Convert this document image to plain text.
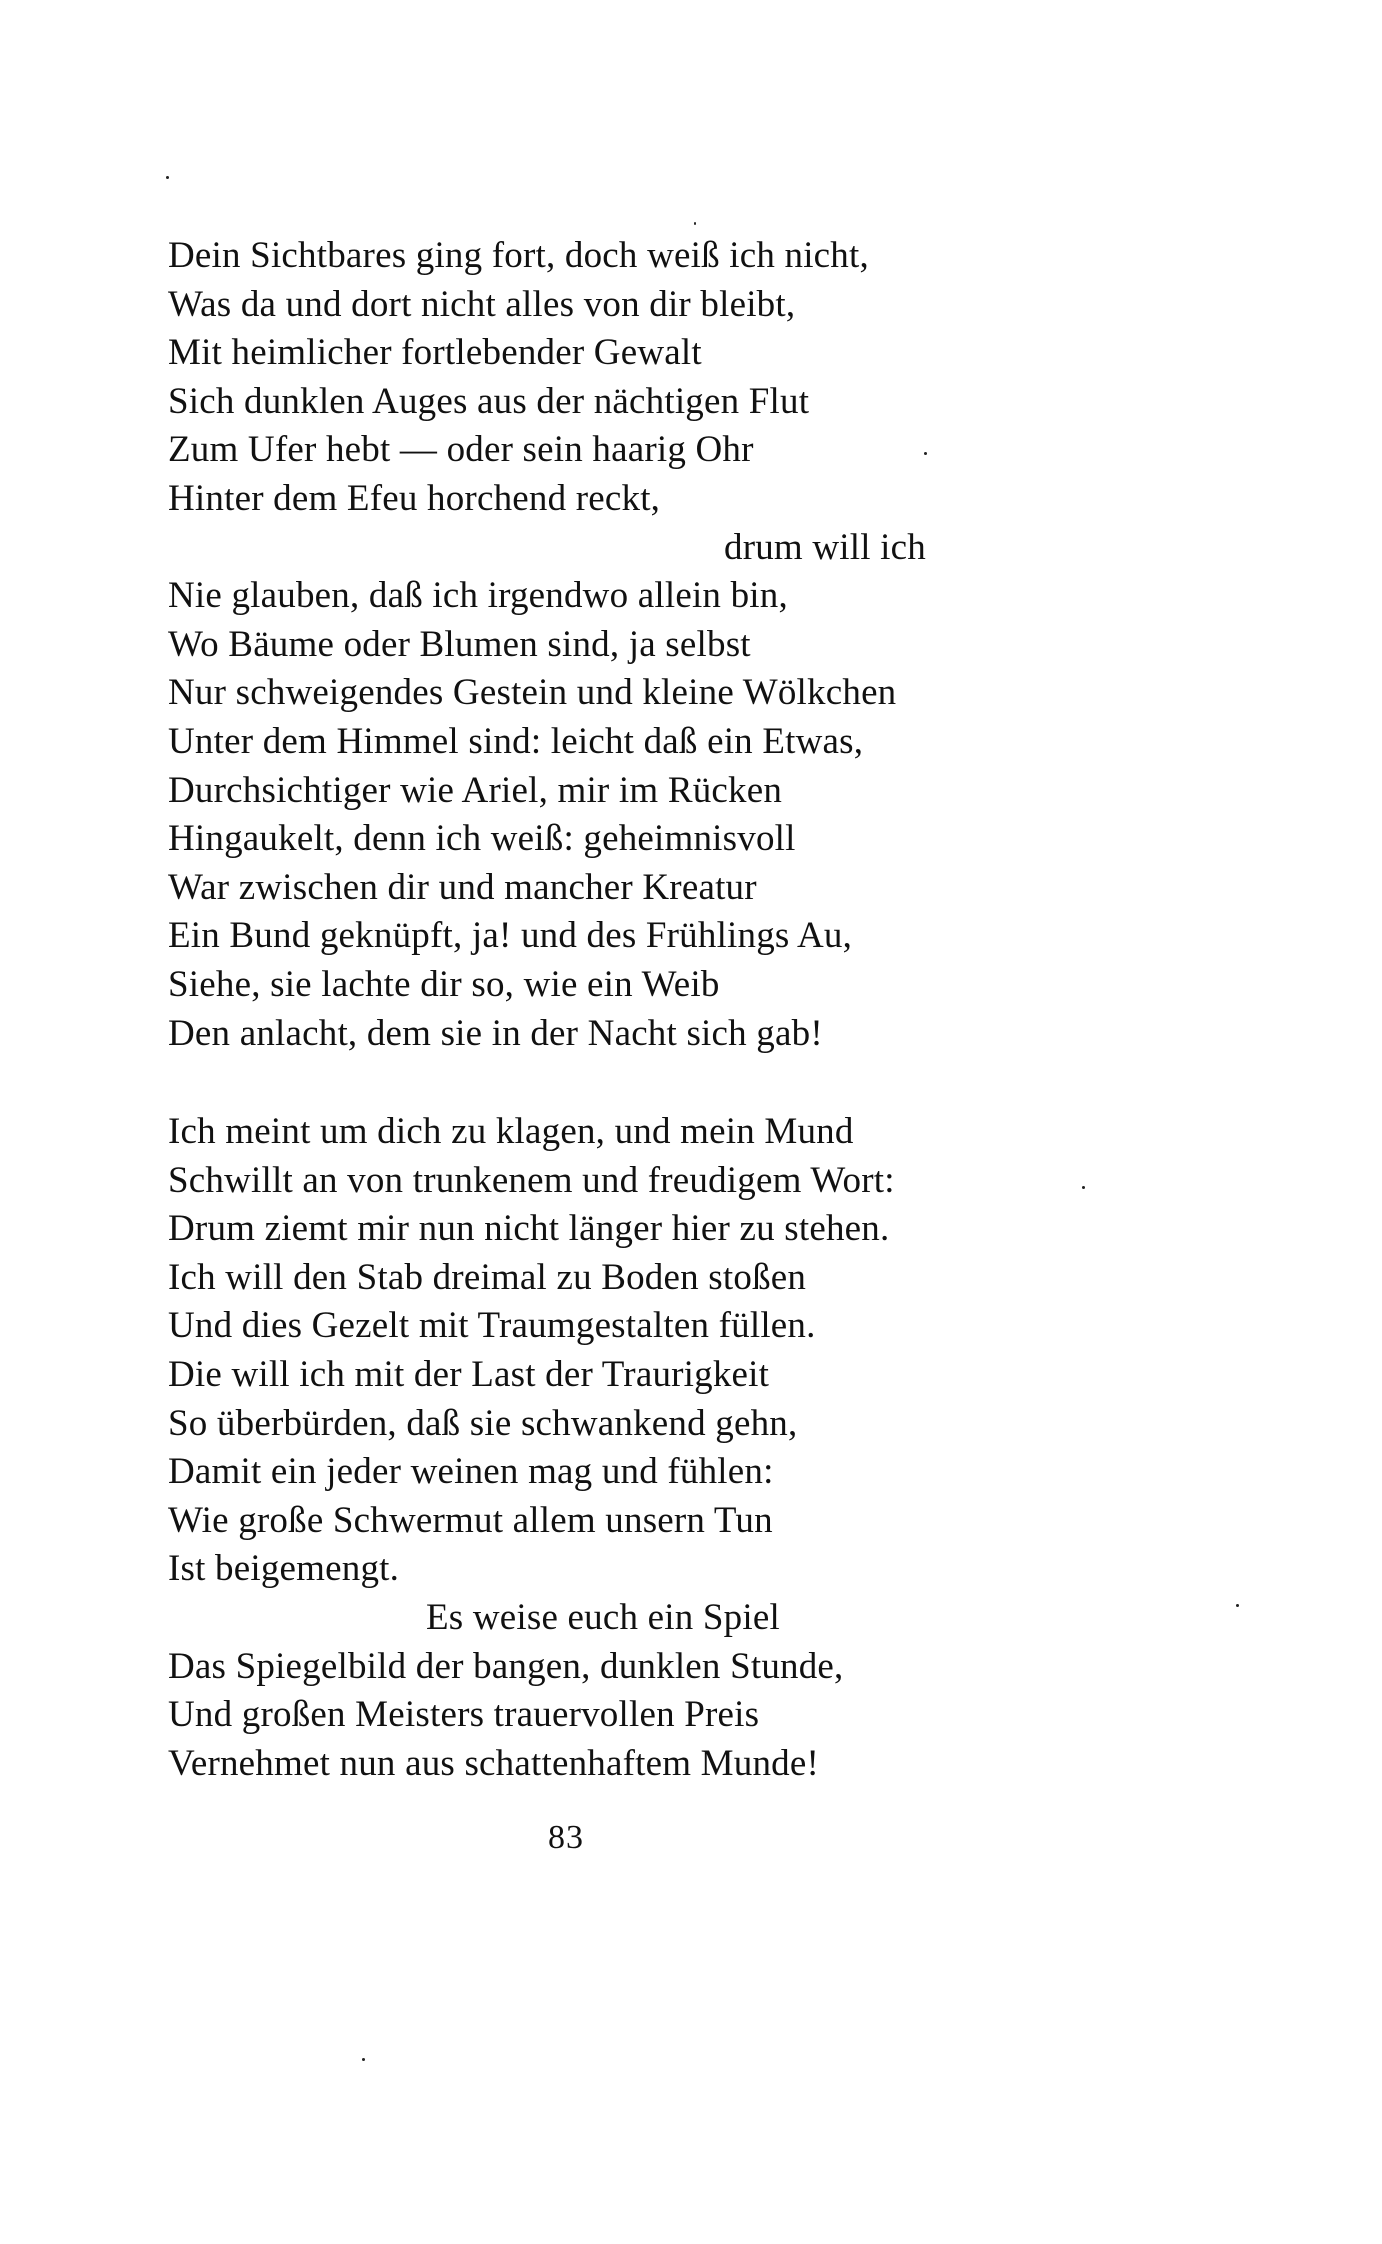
Dein Sichtbares ging fort, doch weiß ich nicht,
Was da und dort nicht alles von dir bleibt,
Mit heimlicher fortlebender Gewalt
Sich dunklen Auges aus der nächtigen Flut
Zum Ufer hebt — oder sein haarig Ohr
Hinter dem Efeu horchend reckt,
drum will ich
Nie glauben, daß ich irgendwo allein bin,
Wo Bäume oder Blumen sind, ja selbst
Nur schweigendes Gestein und kleine Wölkchen
Unter dem Himmel sind: leicht daß ein Etwas,
Durchsichtiger wie Ariel, mir im Rücken
Hingaukelt, denn ich weiß: geheimnisvoll
War zwischen dir und mancher Kreatur
Ein Bund geknüpft, ja! und des Frühlings Au,
Siehe, sie lachte dir so, wie ein Weib
Den anlacht, dem sie in der Nacht sich gab!
Ich meint um dich zu klagen, und mein Mund
Schwillt an von trunkenem und freudigem Wort:
Drum ziemt mir nun nicht länger hier zu stehen.
Ich will den Stab dreimal zu Boden stoßen
Und dies Gezelt mit Traumgestalten füllen.
Die will ich mit der Last der Traurigkeit
So überbürden, daß sie schwankend gehn,
Damit ein jeder weinen mag und fühlen:
Wie große Schwermut allem unsern Tun
Ist beigemengt.
Es weise euch ein Spiel
Das Spiegelbild der bangen, dunklen Stunde,
Und großen Meisters trauervollen Preis
Vernehmet nun aus schattenhaftem Munde!
83
